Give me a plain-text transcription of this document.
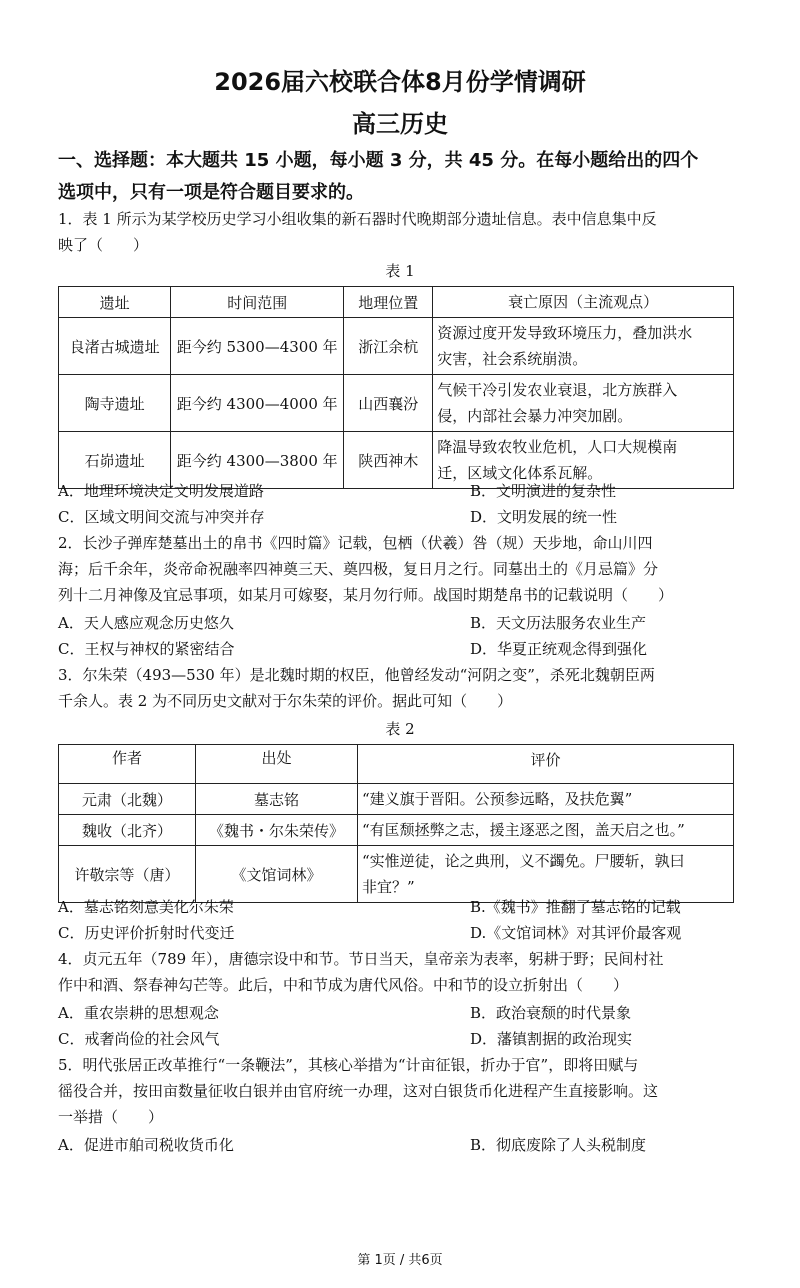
2026届六校联合体8月份学情调研
高三历史
一、选择题：本大题共 15 小题，每小题 3 分，共 45 分。在每小题给出的四个
选项中，只有一项是符合题目要求的。
1．表 1 所示为某学校历史学习小组收集的新石器时代晚期部分遗址信息。表中信息集中反
映了（　　）
表 1
遗址	时间范围	地理位置	衰亡原因（主流观点）
良渚古城遗址	距今约 5300—4300 年	浙江余杭	资源过度开发导致环境压力，叠加洪水
灾害，社会系统崩溃。
陶寺遗址	距今约 4300—4000 年	山西襄汾	气候干冷引发农业衰退，北方族群入
侵，内部社会暴力冲突加剧。
石峁遗址	距今约 4300—3800 年	陕西神木	降温导致农牧业危机，人口大规模南
迁，区域文化体系瓦解。
A．地理环境决定文明发展道路	B．文明演进的复杂性
C．区域文明间交流与冲突并存	D．文明发展的统一性
2．长沙子弹库楚墓出土的帛书《四时篇》记载，包栖（伏羲）咎（规）天步地，命山川四
海；后千余年，炎帝命祝融率四神奠三天、奠四极，复日月之行。同墓出土的《月忌篇》分
列十二月神像及宜忌事项，如某月可嫁娶，某月勿行师。战国时期楚帛书的记载说明（　　）
A．天人感应观念历史悠久	B．天文历法服务农业生产
C．王权与神权的紧密结合	D．华夏正统观念得到强化
3．尔朱荣（493—530 年）是北魏时期的权臣，他曾经发动“河阴之变”，杀死北魏朝臣两
千余人。表 2 为不同历史文献对于尔朱荣的评价。据此可知（　　）
表 2
作者	出处	评价
元肃（北魏）	墓志铭	“建义旗于晋阳。公预参远略，及扶危翼”
魏收（北齐）	《魏书・尔朱荣传》	“有匡颓拯弊之志，援主逐恶之图，盖天启之也。”
许敬宗等（唐）	《文馆词林》	“实惟逆徒，论之典刑，义不蠲免。尸腰斩，孰曰
非宜？”
A．墓志铭刻意美化尔朱荣	B.《魏书》推翻了墓志铭的记载
C．历史评价折射时代变迁	D.《文馆词林》对其评价最客观
4．贞元五年（789 年），唐德宗设中和节。节日当天，皇帝亲为表率，躬耕于野；民间村社
作中和酒、祭春神勾芒等。此后，中和节成为唐代风俗。中和节的设立折射出（　　）
A．重农崇耕的思想观念	B．政治衰颓的时代景象
C．戒奢尚俭的社会风气	D．藩镇割据的政治现实
5．明代张居正改革推行“一条鞭法”，其核心举措为“计亩征银，折办于官”，即将田赋与
徭役合并，按田亩数量征收白银并由官府统一办理，这对白银货币化进程产生直接影响。这
一举措（　　）
A．促进市舶司税收货币化	B．彻底废除了人头税制度
第 1页 / 共6页
